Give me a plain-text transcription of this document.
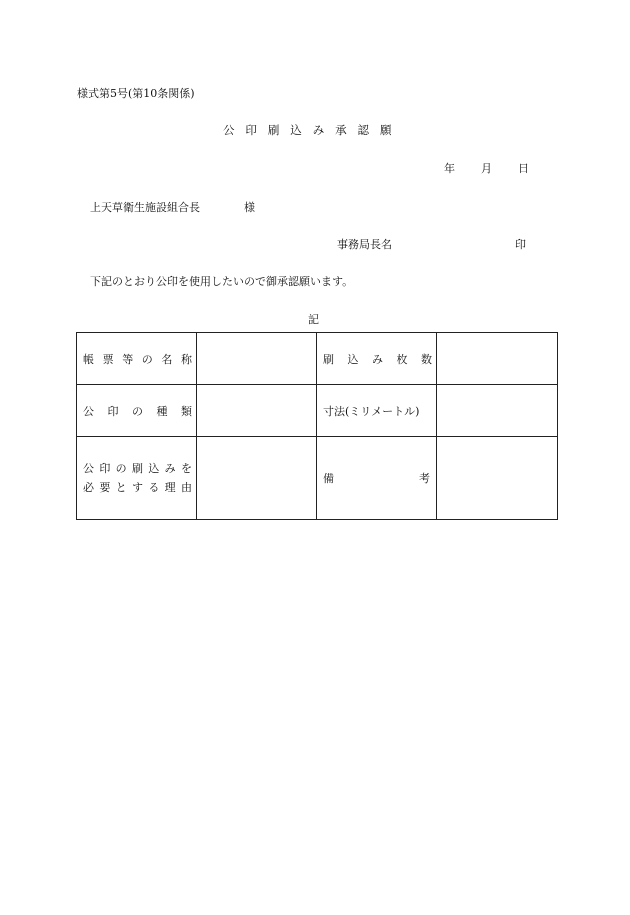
様式第5号(第10条関係)
公印刷込み承認願
年 月 日
上天草衛生施設組合長	様
事務局長名	印
下記のとおり公印を使用したいので御承認願います。
記
帳票等の名称		刷込み枚数	

公印の種類		寸法(ミリメートル)	

公印の刷込みを
必要とする理由		備考	
